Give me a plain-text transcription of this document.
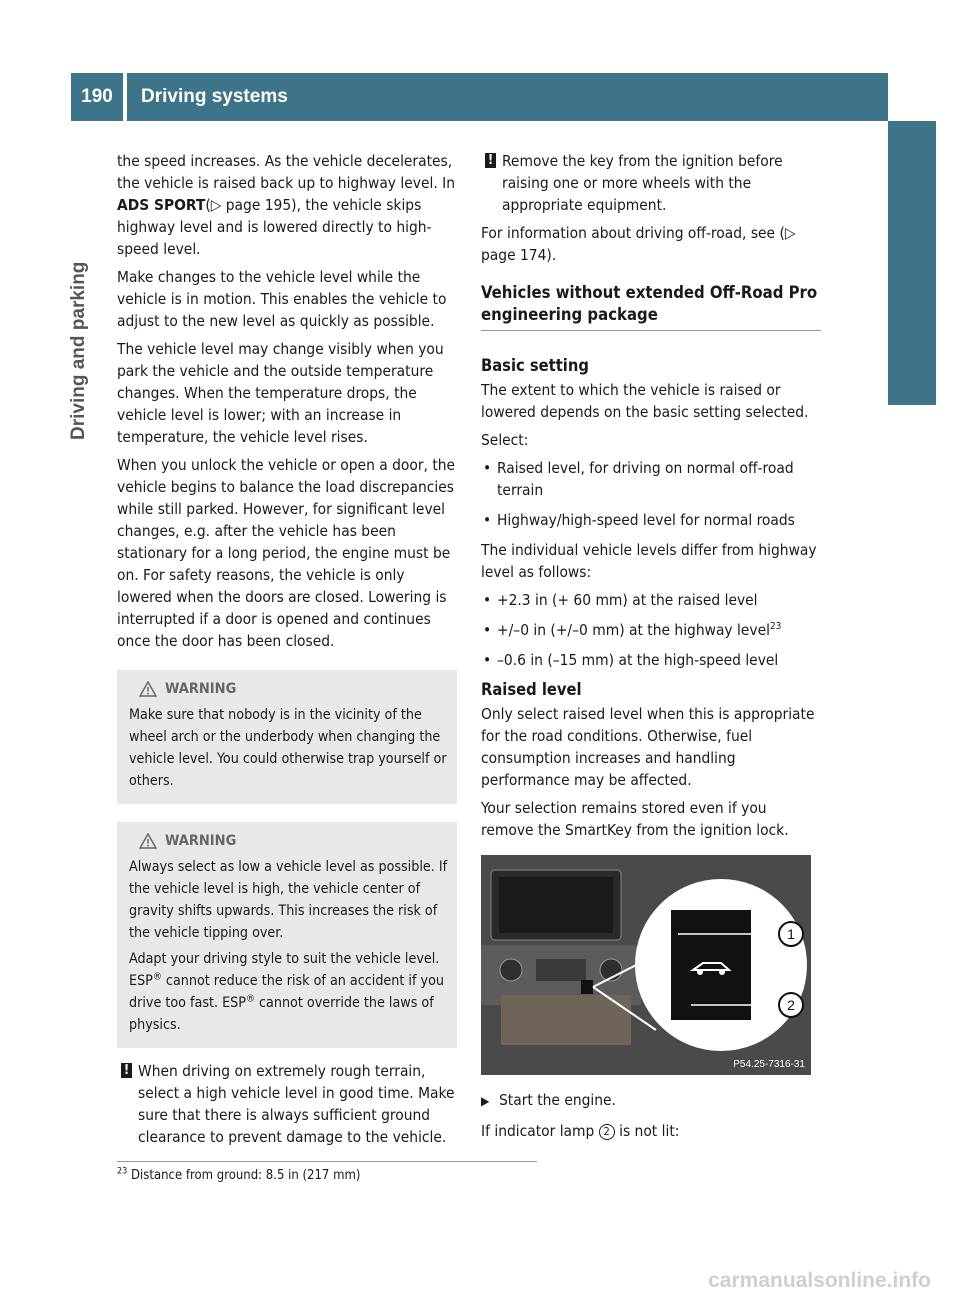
190	Driving systems
Driving and parking

the speed increases. As the vehicle decelerates, the vehicle is raised back up to highway level. In ADS SPORT(▷ page 195), the vehicle skips highway level and is lowered directly to high-speed level.

Make changes to the vehicle level while the vehicle is in motion. This enables the vehicle to adjust to the new level as quickly as possible.

The vehicle level may change visibly when you park the vehicle and the outside temperature changes. When the temperature drops, the vehicle level is lower; with an increase in temperature, the vehicle level rises.

When you unlock the vehicle or open a door, the vehicle begins to balance the load discrepancies while still parked. However, for significant level changes, e.g. after the vehicle has been stationary for a long period, the engine must be on. For safety reasons, the vehicle is only lowered when the doors are closed. Lowering is interrupted if a door is opened and continues once the door has been closed.

WARNING

Make sure that nobody is in the vicinity of the wheel arch or the underbody when changing the vehicle level. You could otherwise trap yourself or others.

WARNING

Always select as low a vehicle level as possible. If the vehicle level is high, the vehicle center of gravity shifts upwards. This increases the risk of the vehicle tipping over.

Adapt your driving style to suit the vehicle level. ESP® cannot reduce the risk of an accident if you drive too fast. ESP® cannot override the laws of physics.

! When driving on extremely rough terrain, select a high vehicle level in good time. Make sure that there is always sufficient ground clearance to prevent damage to the vehicle.
! Remove the key from the ignition before raising one or more wheels with the appropriate equipment.

For information about driving off-road, see (▷ page 174).

Vehicles without extended Off-Road Pro engineering package
Basic setting

The extent to which the vehicle is raised or lowered depends on the basic setting selected.

Select:

• Raised level, for driving on normal off-road terrain
• Highway/high-speed level for normal roads

The individual vehicle levels differ from highway level as follows:

• +2.3 in (+ 60 mm) at the raised level
• +/–0 in (+/–0 mm) at the highway level$^{23}$
• –0.6 in (–15 mm) at the high-speed level
Raised level

Only select raised level when this is appropriate for the road conditions. Otherwise, fuel consumption increases and handling performance may be affected.

Your selection remains stored even if you remove the SmartKey from the ignition lock.

1
2
P54.25-7316-31
▶ Start the engine.

If indicator lamp 2 is not lit:

$^{23}$ Distance from ground: 8.5 in (217 mm)
carmanualsonline.info
